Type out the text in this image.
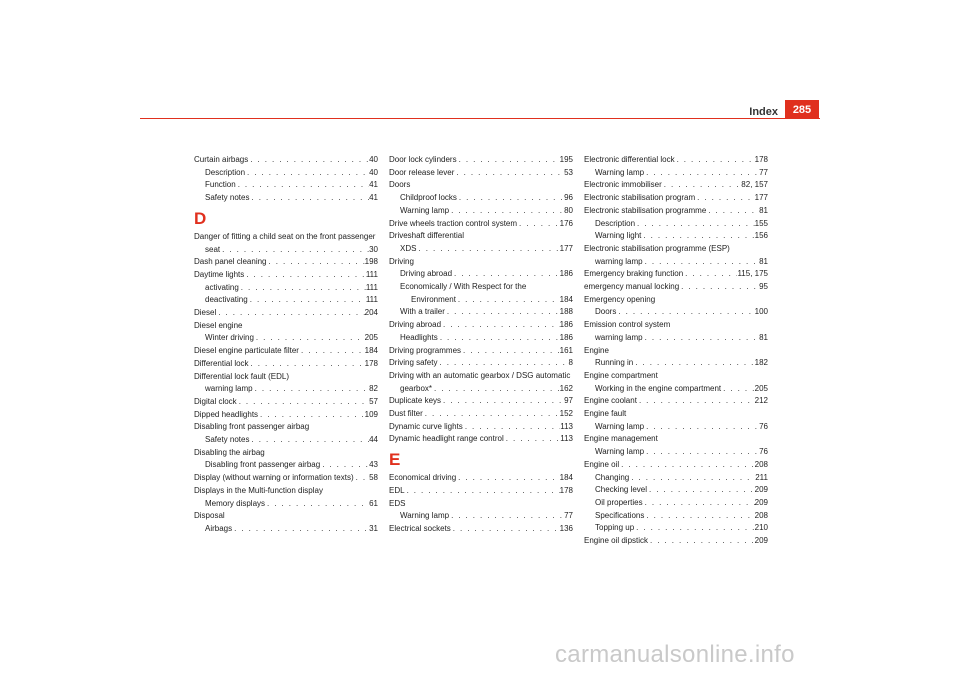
Index	285
Curtain airbags . . .	40
Description . . .	40
Function . . .	41
Safety notes . . .	41
D
Danger of fitting a child seat on the front passenger
seat . . .	30
Dash panel cleaning . . .	198
Daytime lights . . .	111
activating . . .	111
deactivating . . .	111
Diesel . . .	204
Diesel engine
Winter driving . . .	205
Diesel engine particulate filter . . .	184
Differential lock . . .	178
Differential lock fault (EDL)
warning lamp . . .	82
Digital clock . . .	57
Dipped headlights . . .	109
Disabling front passenger airbag
Safety notes . . .	44
Disabling the airbag
Disabling front passenger airbag . . .	43
Display (without warning or information texts) . . . 58
Displays in the Multi-function display
Memory displays . . .	61
Disposal
Airbags . . .	31
Door lock cylinders . . .	195
Door release lever . . .	53
Doors
Childproof locks . . .	96
Warning lamp . . .	80
Drive wheels traction control system . . .	176
Driveshaft differential
XDS . . .	177
Driving
Driving abroad . . .	186
Economically / With Respect for the
Environment . . .	184
With a trailer . . .	188
Driving abroad . . .	186
Headlights . . .	186
Driving programmes . . .	161
Driving safety . . .	8
Driving with an automatic gearbox / DSG automatic
gearbox* . . .	162
Duplicate keys . . .	97
Dust filter . . .	152
Dynamic curve lights . . .	113
Dynamic headlight range control . . .	113
E
Economical driving . . .	184
EDL . . .	178
EDS
Warning lamp . . .	77
Electrical sockets . . .	136
Electronic differential lock . . .	178
Warning lamp . . .	77
Electronic immobiliser . . .	82, 157
Electronic stabilisation program . . .	177
Electronic stabilisation programme . . .	81
Description . . .	155
Warning light . . .	156
Electronic stabilisation programme (ESP)
warning lamp . . .	81
Emergency braking function . . .	115, 175
emergency manual locking . . .	95
Emergency opening
Doors . . .	100
Emission control system
warning lamp . . .	81
Engine
Running in . . .	182
Engine compartment
Working in the engine compartment . . .	205
Engine coolant . . .	212
Engine fault
Warning lamp . . .	76
Engine management
Warning lamp . . .	76
Engine oil . . .	208
Changing . . .	211
Checking level . . .	209
Oil properties . . .	209
Specifications . . .	208
Topping up . . .	210
Engine oil dipstick . . .	209
carmanualsonline.info
